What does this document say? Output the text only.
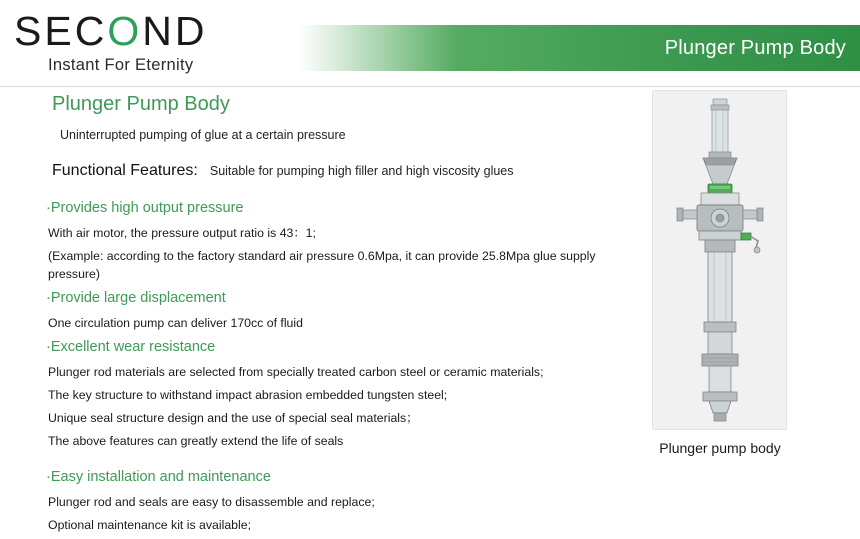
SECOND
Instant For Eternity
Plunger Pump Body
Plunger Pump Body
Uninterrupted pumping of glue at a certain pressure
Functional Features: Suitable for pumping high filler and high viscosity glues
·Provides high output pressure
With air motor, the pressure output ratio is 43：1;
(Example: according to the factory standard air pressure 0.6Mpa, it can provide 25.8Mpa glue supply pressure)
·Provide large displacement
One circulation pump can deliver 170cc of fluid
·Excellent wear resistance
Plunger rod materials are selected from specially treated carbon steel or ceramic materials;
The key structure to withstand impact abrasion embedded tungsten steel;
Unique seal structure design and the use of special seal materials；
The above features can greatly extend the life of seals
·Easy installation and maintenance
Plunger rod and seals are easy to disassemble and replace;
Optional maintenance kit is available;
Plunger pump body
